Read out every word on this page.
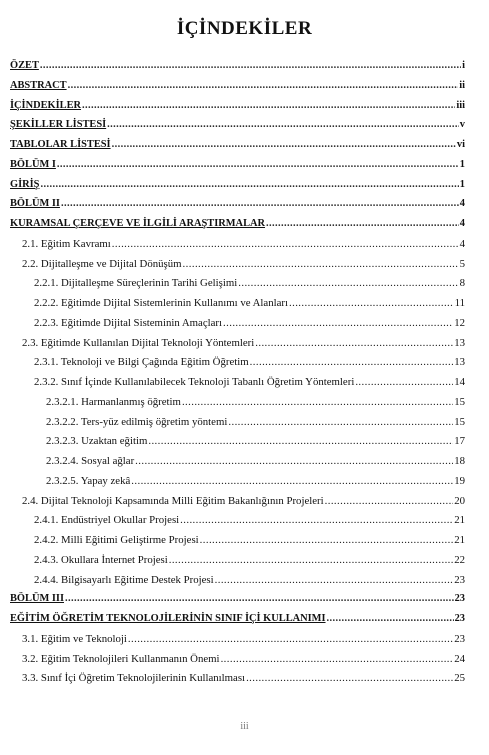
İÇİNDEKİLER
ÖZET .....	i
ABSTRACT .....	ii
İÇİNDEKİLER .....	iii
ŞEKİLLER LİSTESİ .....	v
TABLOLAR LİSTESİ .....	vi
BÖLÜM I .....	1
GİRİŞ .....	1
BÖLÜM II .....	4
KURAMSAL ÇERÇEVE VE İLGİLİ ARAŞTIRMALAR .....	4
2.1. Eğitim Kavramı .....	4
2.2. Dijitalleşme ve Dijital Dönüşüm .....	5
2.2.1. Dijitalleşme Süreçlerinin Tarihi Gelişimi .....	8
2.2.2. Eğitimde Dijital Sistemlerinin Kullanımı ve Alanları .....	11
2.2.3. Eğitimde Dijital Sisteminin Amaçları .....	12
2.3. Eğitimde Kullanılan Dijital Teknoloji Yöntemleri .....	13
2.3.1. Teknoloji ve Bilgi Çağında Eğitim Öğretim .....	13
2.3.2. Sınıf İçinde Kullanılabilecek Teknoloji Tabanlı Öğretim Yöntemleri .....	14
2.3.2.1. Harmanlanmış öğretim .....	15
2.3.2.2. Ters-yüz edilmiş öğretim yöntemi .....	15
2.3.2.3. Uzaktan eğitim .....	17
2.3.2.4. Sosyal ağlar .....	18
2.3.2.5. Yapay zekâ .....	19
2.4. Dijital Teknoloji Kapsamında Milli Eğitim Bakanlığının Projeleri .....	20
2.4.1. Endüstriyel Okullar Projesi .....	21
2.4.2. Milli Eğitimi Geliştirme Projesi .....	21
2.4.3. Okullara İnternet Projesi .....	22
2.4.4. Bilgisayarlı Eğitime Destek Projesi .....	23
BÖLÜM III .....	23
EĞİTİM ÖĞRETİM TEKNOLOJİLERİNİN SINIF İÇİ KULLANIMI .....	23
3.1. Eğitim ve Teknoloji .....	23
3.2. Eğitim Teknolojileri Kullanmanın Önemi .....	24
3.3. Sınıf İçi Öğretim Teknolojilerinin Kullanılması .....	25
iii
